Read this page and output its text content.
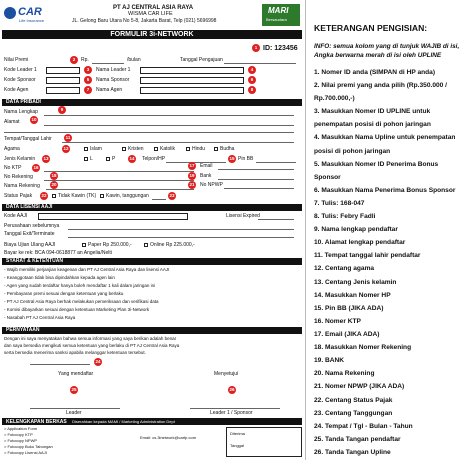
CAR
Life Insurance
PT AJ CENTRAL ASIA RAYA
WISMA CAR LIFE
JL. Gelong Baru Utara No 5-8, Jakarta Barat, Telp (021) 5696998
MARI
Bersaudara
FORMULIR 3i-NETWORK
1 ID: 123456
Nilai Premi	2	Rp.	/bulan	Tanggal Pengajuan
Kode Leader 1	3	Nama Leader 1	4
Kode Sponsor	5	Nama Sponsor	6
Kode Agen	7	Nama Agen	8
DATA PRIBADI
Nama Lengkap	9
Alamat	10
Tempat/Tanggal Lahir	11
Agama	12	Islam	Kristen	Katolik	Hindu	Budha
Jenis Kelamin	13	L	P	14	Telpon/HP	15 Pin BB
No KTP	16	Email
17
No Rekening	18	Bank
19
Nama Rekening	20	No NPWP
21
Status Pajak	22	Tidak Kawin (TK) Kawin, tanggungan	23
DATA LISENSI AAJI
Kode AAJI	Lisensi Expired
Perusahaan sebelumnya
Tanggal Exit/Terminate
Biaya Ujian Ulang AAJI	Paper Rp 250.000,-	Online Rp 225.000,-
Bayar ke rek: BCA 094-0618877 an Angelia/Nelti
SYARAT & KETENTUAN
- Wajib memiliki perjanjian keagenan dan PT AJ Central Asia Raya dan lisensi AAJI
- Keanggotaan tidak bisa dipindahkan kepada agen lain
- Agen yang sudah terdaftar hanya boleh mendaftar 1 kali dalam jaringan ini
- Pembayaran premi sesuai dengan ketentuan yang berlaku
- PT AJ Central Asia Raya berhak melakukan pemeriksaan dan verifikasi data
- Komisi dibayarkan sesuai dengan ketentuan Marketing Plan 3i-Network
- Nasabah PT AJ Central Asia Raya
PERNYATAAN
Dengan ini saya menyatakan bahwa semua informasi yang saya berikan adalah benar
dan saya bersedia mengikuti semua ketentuan yang berlaku di PT AJ Central Asia Raya
serta bersedia menerima sanksi apabila melanggar ketentuan tersebut.
24
Yang mendaftar	Menyetujui
25	26
Leader	Leader 1 / Sponsor
KELENGKAPAN BERKAS Diserahkan kepada MAMI / Marketing Administration Dept
> Application Form
> Fotocopy KTP
> Fotocopy NPWP
> Fotocopy Buku Tabungan
> Fotocopy Lisensi AAJI
Email: cs.3inetwork@carfp.com
Diterima
Tanggal
KETERANGAN PENGISIAN:
INFO: semua kolom yang di tunjuk WAJIB di isi,
Angka berwarna merah di isi oleh UPLINE
1. Nomer ID anda (SIMPAN di HP anda)
2. Nilai premi yang anda pilih (Rp.350.000 /
Rp.700.000,-)
3. Masukkan Nomer ID UPLINE untuk
penempatan posisi di pohon jaringan
4. Masukkan Nama Upline untuk penempatan
posisi di pohon jaringan
5. Masukkan Nomer ID Penerima Bonus
Sponsor
6. Masukkan Nama Penerima Bonus Sponsor
7. Tulis: 168-047
8. Tulis: Febry Fadli
9. Nama lengkap pendaftar
10. Alamat lengkap pendaftar
11. Tempat tanggal lahir pendaftar
12. Centang agama
13. Centang Jenis kelamin
14. Masukkan Nomer HP
15. Pin BB (JIKA ADA)
16. Nomer KTP
17. Email (JIKA ADA)
18. Masukkan Nomer Rekening
19. BANK
20. Nama Rekening
21. Nomer NPWP (JIKA ADA)
22. Centang Status Pajak
23. Centang Tanggungan
24. Tempat / Tgl - Bulan - Tahun
25. Tanda Tangan pendaftar
26. Tanda Tangan Upline
